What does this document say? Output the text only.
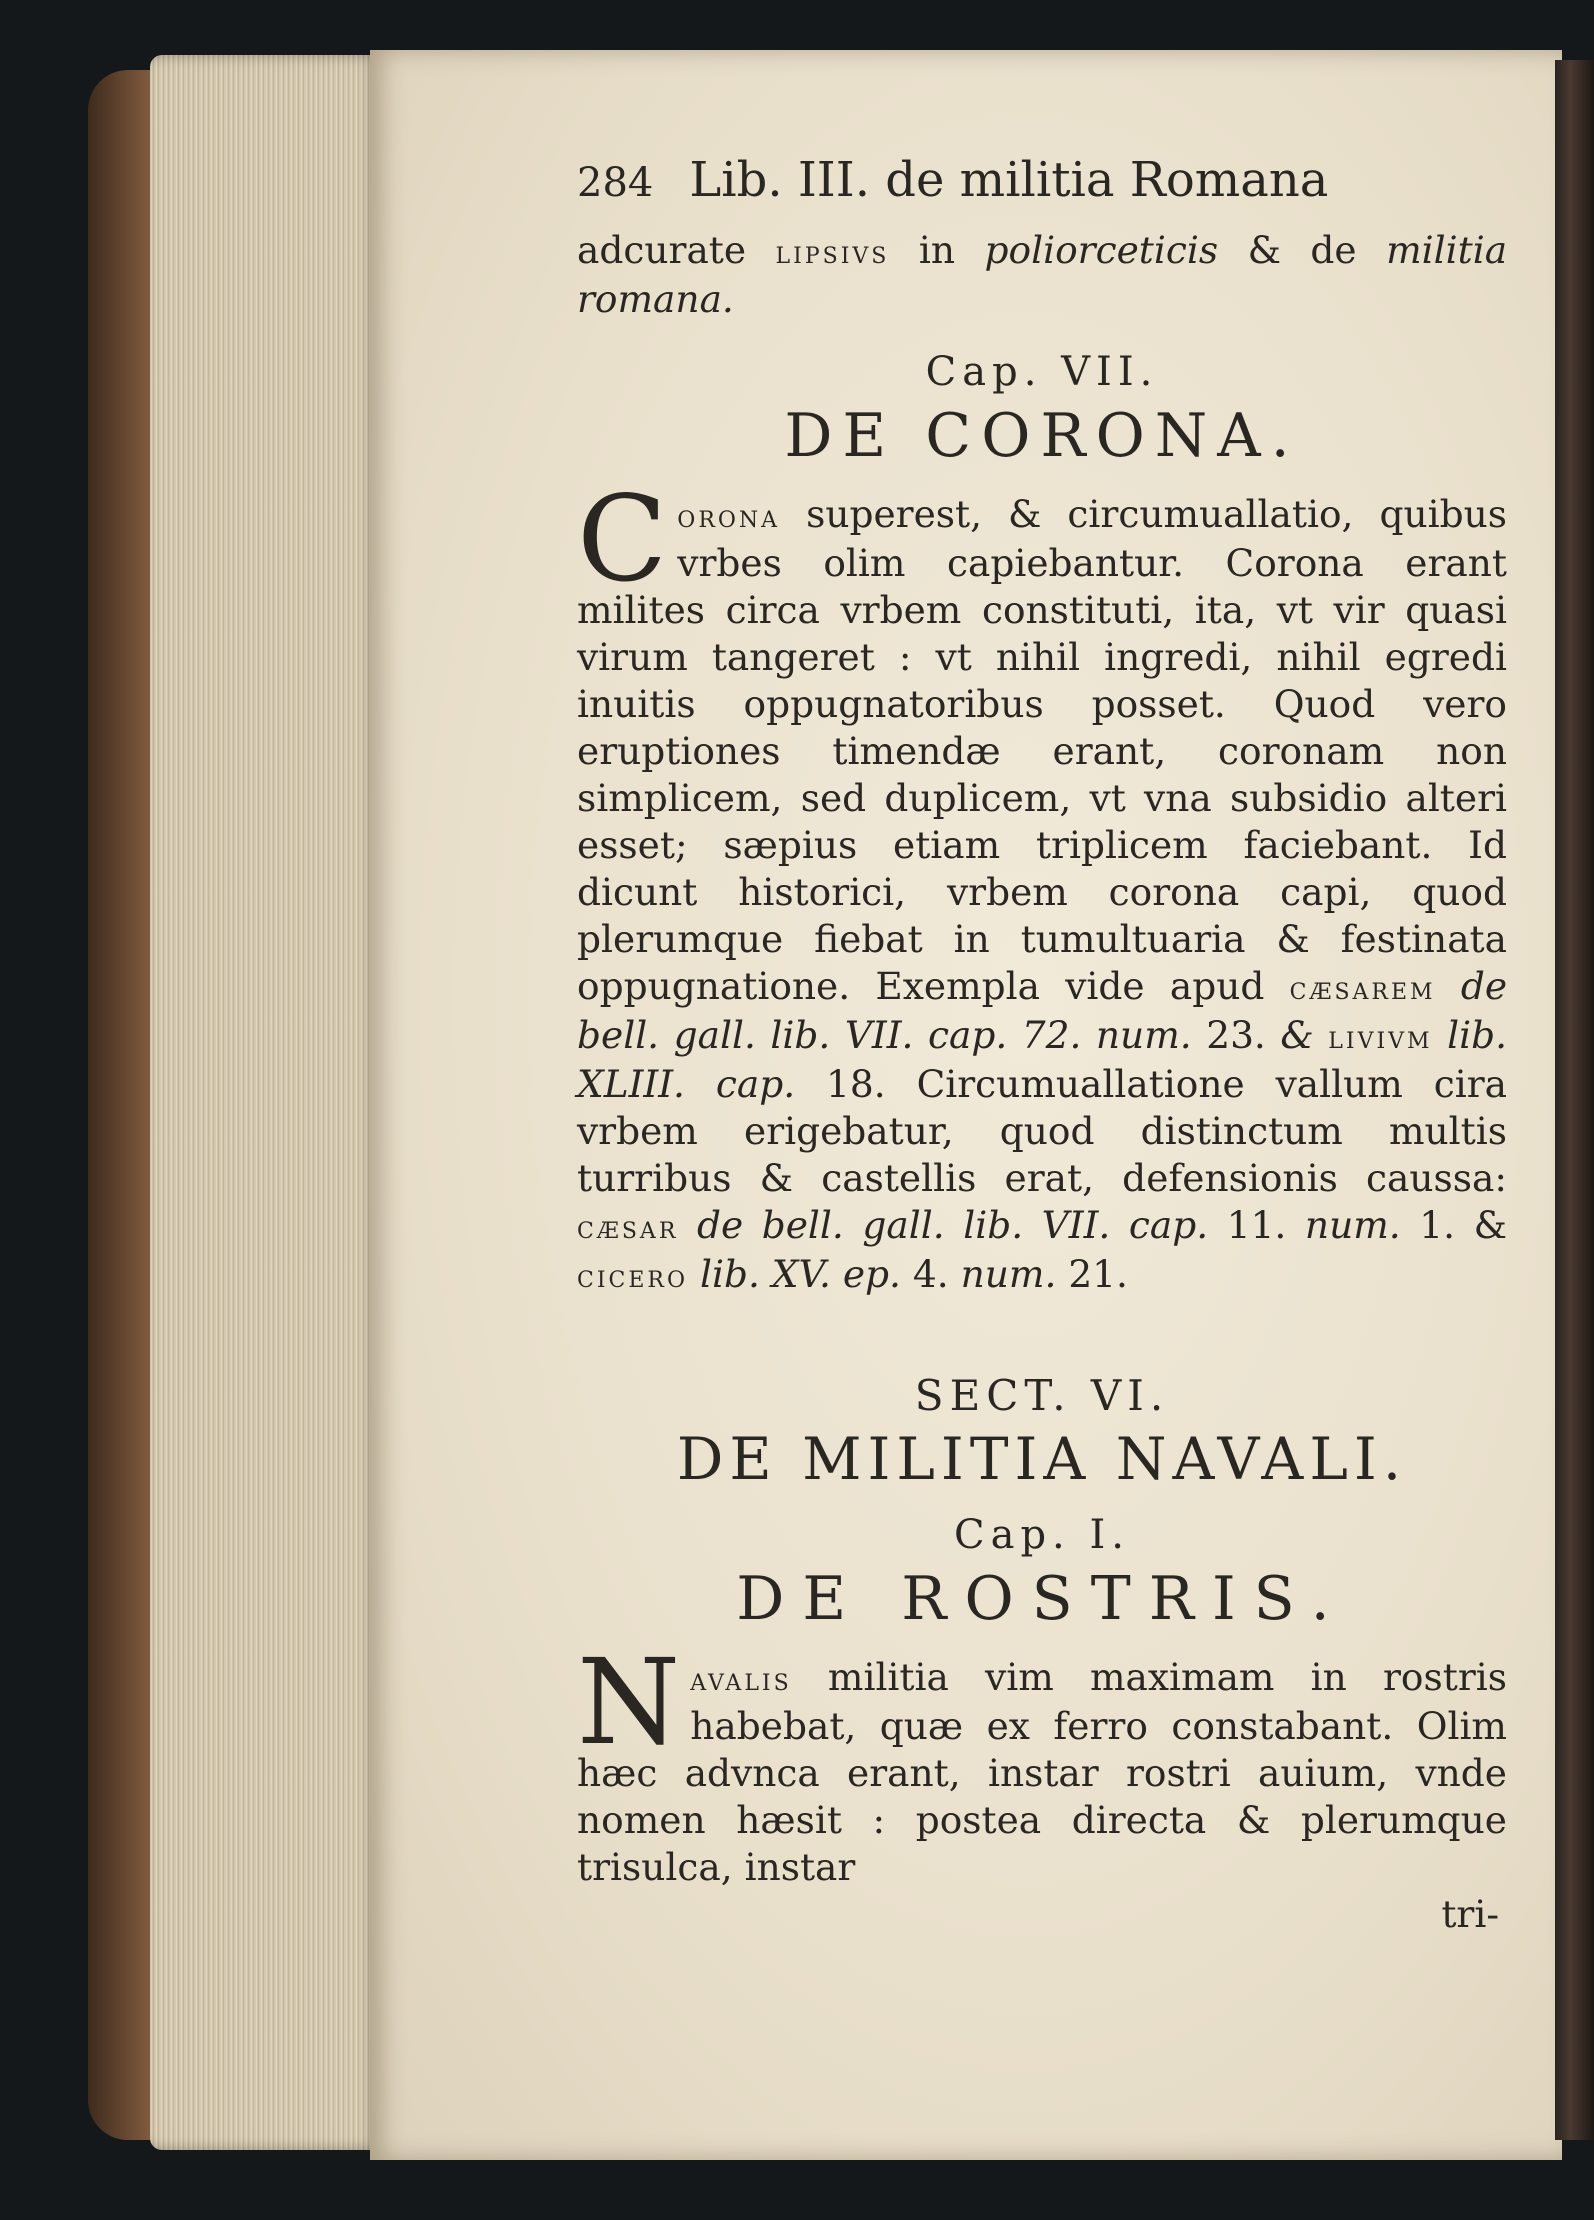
284 Lib. III. de militia Romana

adcurate lipsivs in poliorceticis & de militia romana.

Cap. VII.
DE CORONA.

C orona superest, & circumuallatio, quibus vrbes olim capiebantur. Corona erant milites circa vrbem constituti, ita, vt vir quasi virum tangeret : vt nihil ingredi, nihil egredi inuitis oppugnatoribus posset. Quod vero eruptiones timendæ erant, coronam non simplicem, sed duplicem, vt vna subsidio alteri esset; sæpius etiam triplicem faciebant. Id dicunt historici, vrbem corona capi, quod plerumque fiebat in tumultuaria & festinata oppugnatione. Exempla vide apud cæsarem de bell. gall. lib. VII. cap. 72. num. 23. & livivm lib. XLIII. cap. 18. Circumuallatione vallum cira vrbem erigebatur, quod distinctum multis turribus & castellis erat, defensionis caussa: cæsar de bell. gall. lib. VII. cap. 11. num. 1. & cicero lib. XV. ep. 4. num. 21.

SECT. VI.
DE MILITIA NAVALI.
Cap. I.
DE ROSTRIS.

N avalis militia vim maximam in rostris habebat, quæ ex ferro constabant. Olim hæc advnca erant, instar rostri auium, vnde nomen hæsit : postea directa & plerumque trisulca, instar

tri-
